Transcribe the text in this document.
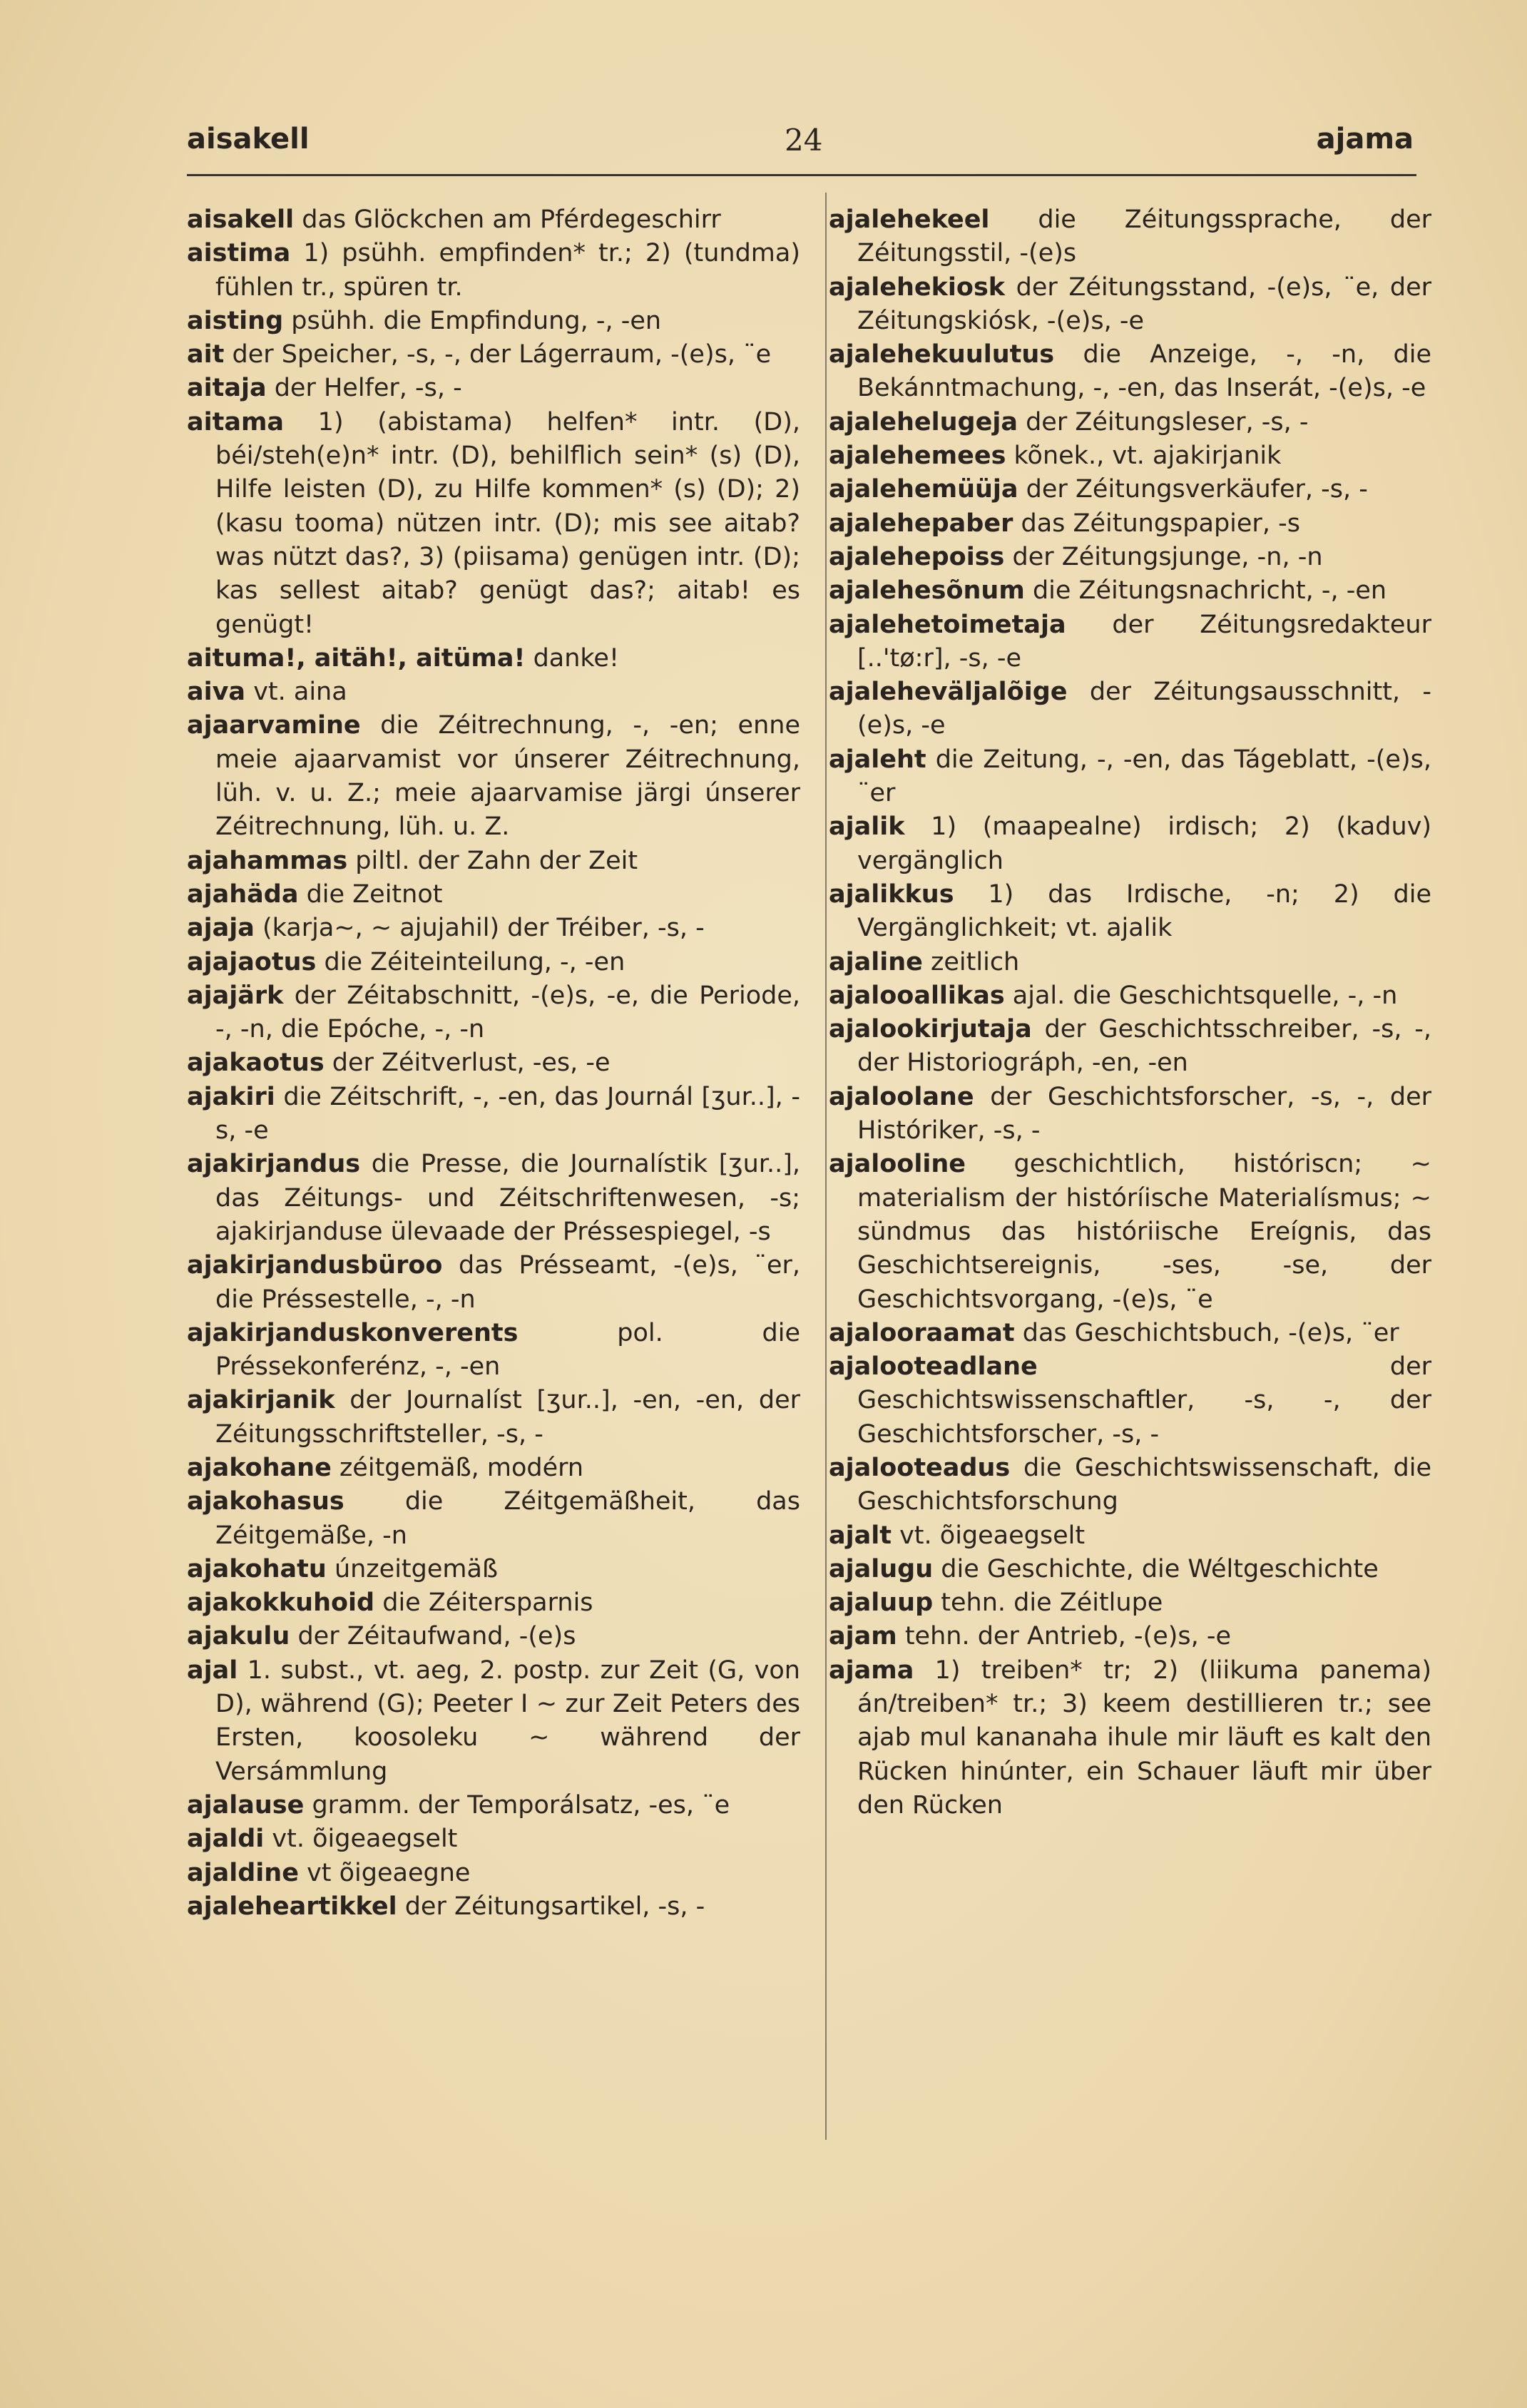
aisakell	24	ajama
aisakell das Glöckchen am Pférdegeschirr
aistima 1) psühh. empfinden* tr.; 2) (tundma) fühlen tr., spüren tr.
aisting psühh. die Empfindung, -, -en
ait der Speicher, -s, -, der Lágerraum, -(e)s, ¨e
aitaja der Helfer, -s, -
aitama 1) (abistama) helfen* intr. (D), béi/steh(e)n* intr. (D), behilflich sein* (s) (D), Hilfe leisten (D), zu Hilfe kommen* (s) (D); 2) (kasu tooma) nützen intr. (D); mis see aitab? was nützt das?, 3) (piisama) genügen intr. (D); kas sellest aitab? genügt das?; aitab! es genügt!
aituma!, aitäh!, aitüma! danke!
aiva vt. aina
ajaarvamine die Zéitrechnung, -, -en; enne meie ajaarvamist vor únserer Zéitrechnung, lüh. v. u. Z.; meie ajaarvamise järgi únserer Zéitrechnung, lüh. u. Z.
ajahammas piltl. der Zahn der Zeit
ajahäda die Zeitnot
ajaja (karja~, ~ ajujahil) der Tréiber, -s, -
ajajaotus die Zéiteinteilung, -, -en
ajajärk der Zéitabschnitt, -(e)s, -e, die Periode, -, -n, die Epóche, -, -n
ajakaotus der Zéitverlust, -es, -e
ajakiri die Zéitschrift, -, -en, das Journál [ʒur..], -s, -e
ajakirjandus die Presse, die Journalístik [ʒur..], das Zéitungs- und Zéitschriftenwesen, -s; ajakirjanduse ülevaade der Préssespiegel, -s
ajakirjandusbüroo das Présseamt, -(e)s, ¨er, die Préssestelle, -, -n
ajakirjanduskonverents pol. die Préssekonferénz, -, -en
ajakirjanik der Journalíst [ʒur..], -en, -en, der Zéitungsschriftsteller, -s, -
ajakohane zéitgemäß, modérn
ajakohasus die Zéitgemäßheit, das Zéitgemäße, -n
ajakohatu únzeitgemäß
ajakokkuhoid die Zéitersparnis
ajakulu der Zéitaufwand, -(e)s
ajal 1. subst., vt. aeg, 2. postp. zur Zeit (G, von D), während (G); Peeter I ~ zur Zeit Peters des Ersten, koosoleku ~ während der Versámmlung
ajalause gramm. der Temporálsatz, -es, ¨e
ajaldi vt. õigeaegselt
ajaldine vt õigeaegne
ajaleheartikkel der Zéitungsartikel, -s, -
ajalehekeel die Zéitungssprache, der Zéitungsstil, -(e)s
ajalehekiosk der Zéitungsstand, -(e)s, ¨e, der Zéitungskiósk, -(e)s, -e
ajalehekuulutus die Anzeige, -, -n, die Bekánntmachung, -, -en, das Inserát, -(e)s, -e
ajalehelugeja der Zéitungsleser, -s, -
ajalehemees kõnek., vt. ajakirjanik
ajalehemüüja der Zéitungsverkäufer, -s, -
ajalehepaber das Zéitungspapier, -s
ajalehepoiss der Zéitungsjunge, -n, -n
ajalehesõnum die Zéitungsnachricht, -, -en
ajalehetoimetaja der Zéitungsredakteur [..'tø:r], -s, -e
ajaleheväljalõige der Zéitungsausschnitt, -(e)s, -e
ajaleht die Zeitung, -, -en, das Tágeblatt, -(e)s, ¨er
ajalik 1) (maapealne) irdisch; 2) (kaduv) vergänglich
ajalikkus 1) das Irdische, -n; 2) die Vergänglichkeit; vt. ajalik
ajaline zeitlich
ajalooallikas ajal. die Geschichtsquelle, -, -n
ajalookirjutaja der Geschichtsschreiber, -s, -, der Historiográph, -en, -en
ajaloolane der Geschichtsforscher, -s, -, der Históriker, -s, -
ajalooline geschichtlich, históriscn; ~ materialism der históríische Materialísmus; ~ sündmus das históriische Ereígnis, das Geschichtsereignis, -ses, -se, der Geschichtsvorgang, -(e)s, ¨e
ajalooraamat das Geschichtsbuch, -(e)s, ¨er
ajalooteadlane der Geschichtswissenschaftler, -s, -, der Geschichtsforscher, -s, -
ajalooteadus die Geschichtswissenschaft, die Geschichtsforschung
ajalt vt. õigeaegselt
ajalugu die Geschichte, die Wéltgeschichte
ajaluup tehn. die Zéitlupe
ajam tehn. der Antrieb, -(e)s, -e
ajama 1) treiben* tr; 2) (liikuma panema) án/treiben* tr.; 3) keem destillieren tr.; see ajab mul kananaha ihule mir läuft es kalt den Rücken hinúnter, ein Schauer läuft mir über den Rücken
